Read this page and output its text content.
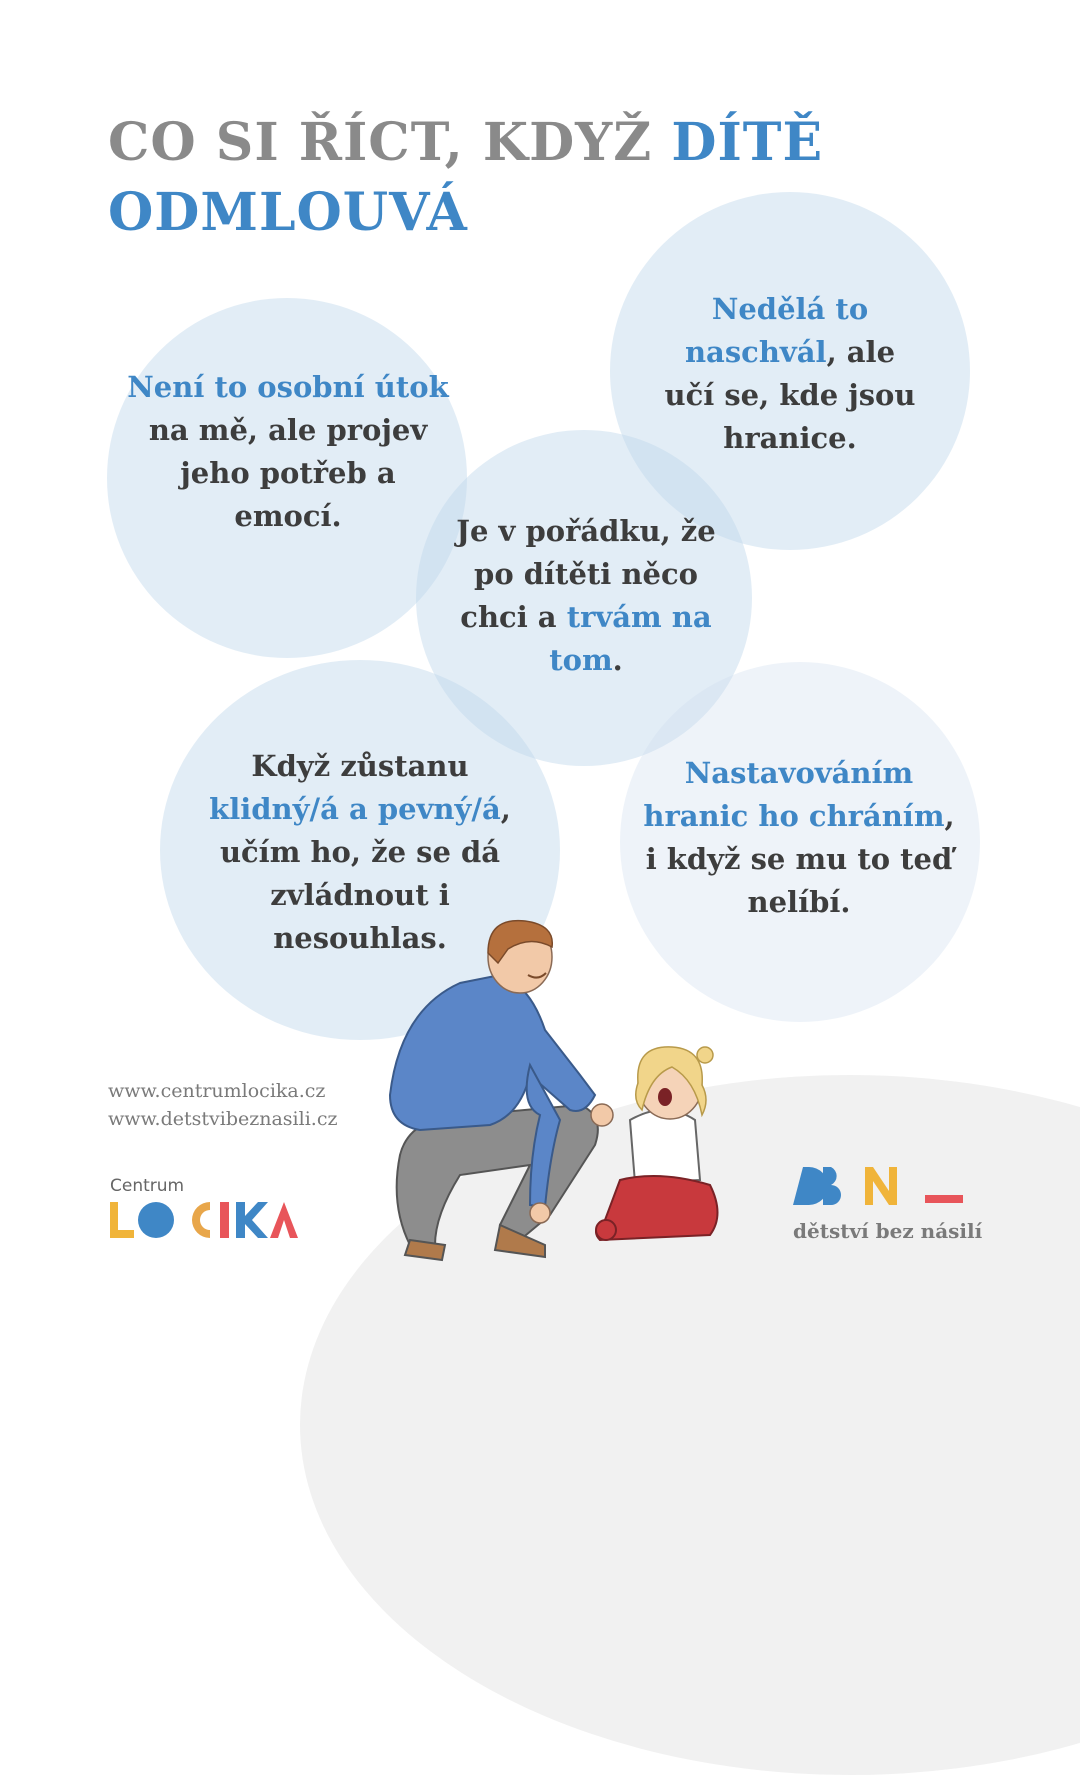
CO SI ŘÍCT, KDYŽ DÍTĚ
ODMLOUVÁ
Není to osobní útok na mě, ale projev jeho potřeb a emocí.
Nedělá to naschvál, ale učí se, kde jsou hranice.
Je v pořádku, že po dítěti něco chci a trvám na tom.
Když zůstanu
klidný/á a pevný/á, učím ho, že se dá zvládnout i nesouhlas.
Nastavováním hranic ho chráním, i když se mu to teď nelíbí.
www.centrumlocika.cz
www.detstvibeznasili.cz
Centrum
dětství bez násilí
